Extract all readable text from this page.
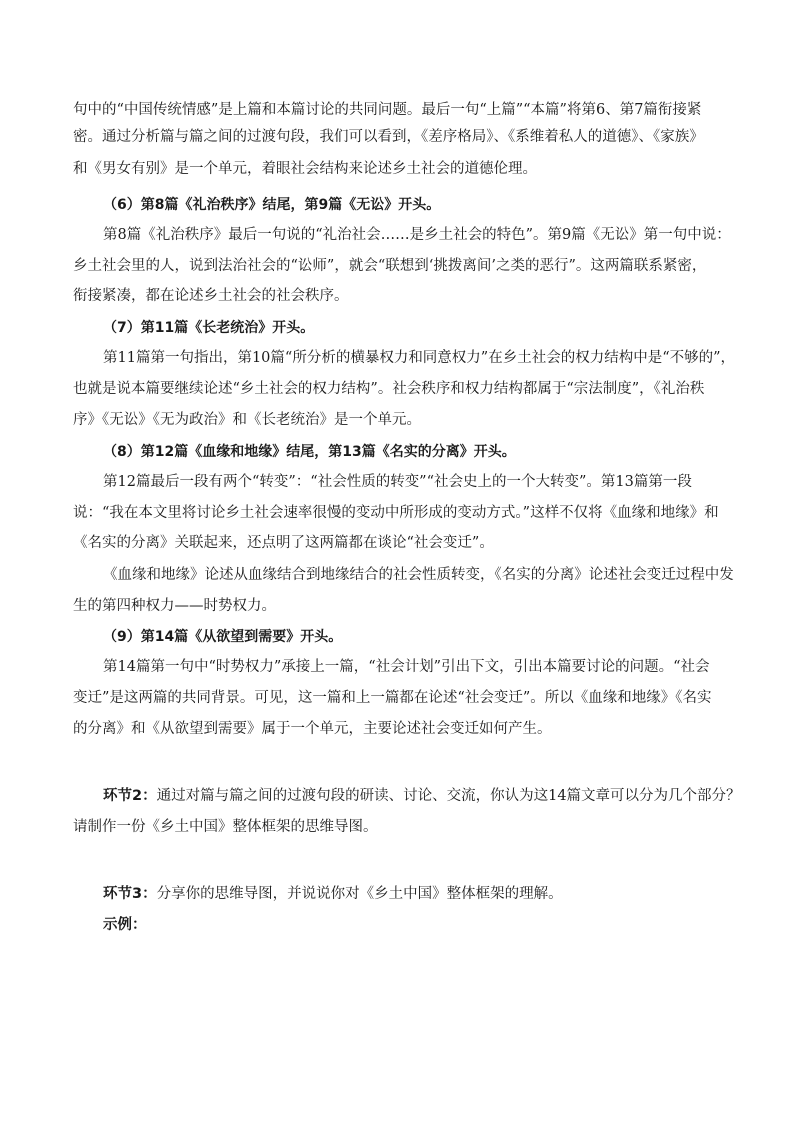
句中的“中国传统情感”是上篇和本篇讨论的共同问题。最后一句“上篇”“本篇”将第6、第7篇衔接紧
密。通过分析篇与篇之间的过渡句段，我们可以看到，《差序格局》、《系维着私人的道德》、《家族》
和《男女有别》是一个单元，着眼社会结构来论述乡土社会的道德伦理。
（6）第8篇《礼治秩序》结尾，第9篇《无讼》开头。
第8篇《礼治秩序》最后一句说的“礼治社会……是乡土社会的特色”。第9篇《无讼》第一句中说：
乡土社会里的人，说到法治社会的“讼师”，就会“联想到‘挑拨离间’之类的恶行”。这两篇联系紧密，
衔接紧凑，都在论述乡土社会的社会秩序。
（7）第11篇《长老统治》开头。
第11篇第一句指出，第10篇“所分析的横暴权力和同意权力”在乡土社会的权力结构中是“不够的”，
也就是说本篇要继续论述“乡土社会的权力结构”。社会秩序和权力结构都属于“宗法制度”，《礼治秩
序》《无讼》《无为政治》和《长老统治》是一个单元。
（8）第12篇《血缘和地缘》结尾，第13篇《名实的分离》开头。
第12篇最后一段有两个“转变”：“社会性质的转变”“社会史上的一个大转变”。第13篇第一段
说：“我在本文里将讨论乡土社会速率很慢的变动中所形成的变动方式。”这样不仅将《血缘和地缘》和
《名实的分离》关联起来，还点明了这两篇都在谈论“社会变迁”。
《血缘和地缘》论述从血缘结合到地缘结合的社会性质转变，《名实的分离》论述社会变迁过程中发
生的第四种权力——时势权力。
（9）第14篇《从欲望到需要》开头。
第14篇第一句中“时势权力”承接上一篇，“社会计划”引出下文，引出本篇要讨论的问题。“社会
变迁”是这两篇的共同背景。可见，这一篇和上一篇都在论述“社会变迁”。所以《血缘和地缘》《名实
的分离》和《从欲望到需要》属于一个单元，主要论述社会变迁如何产生。
环节2：通过对篇与篇之间的过渡句段的研读、讨论、交流，你认为这14篇文章可以分为几个部分？
请制作一份《乡土中国》整体框架的思维导图。
环节3：分享你的思维导图，并说说你对《乡土中国》整体框架的理解。
示例：
